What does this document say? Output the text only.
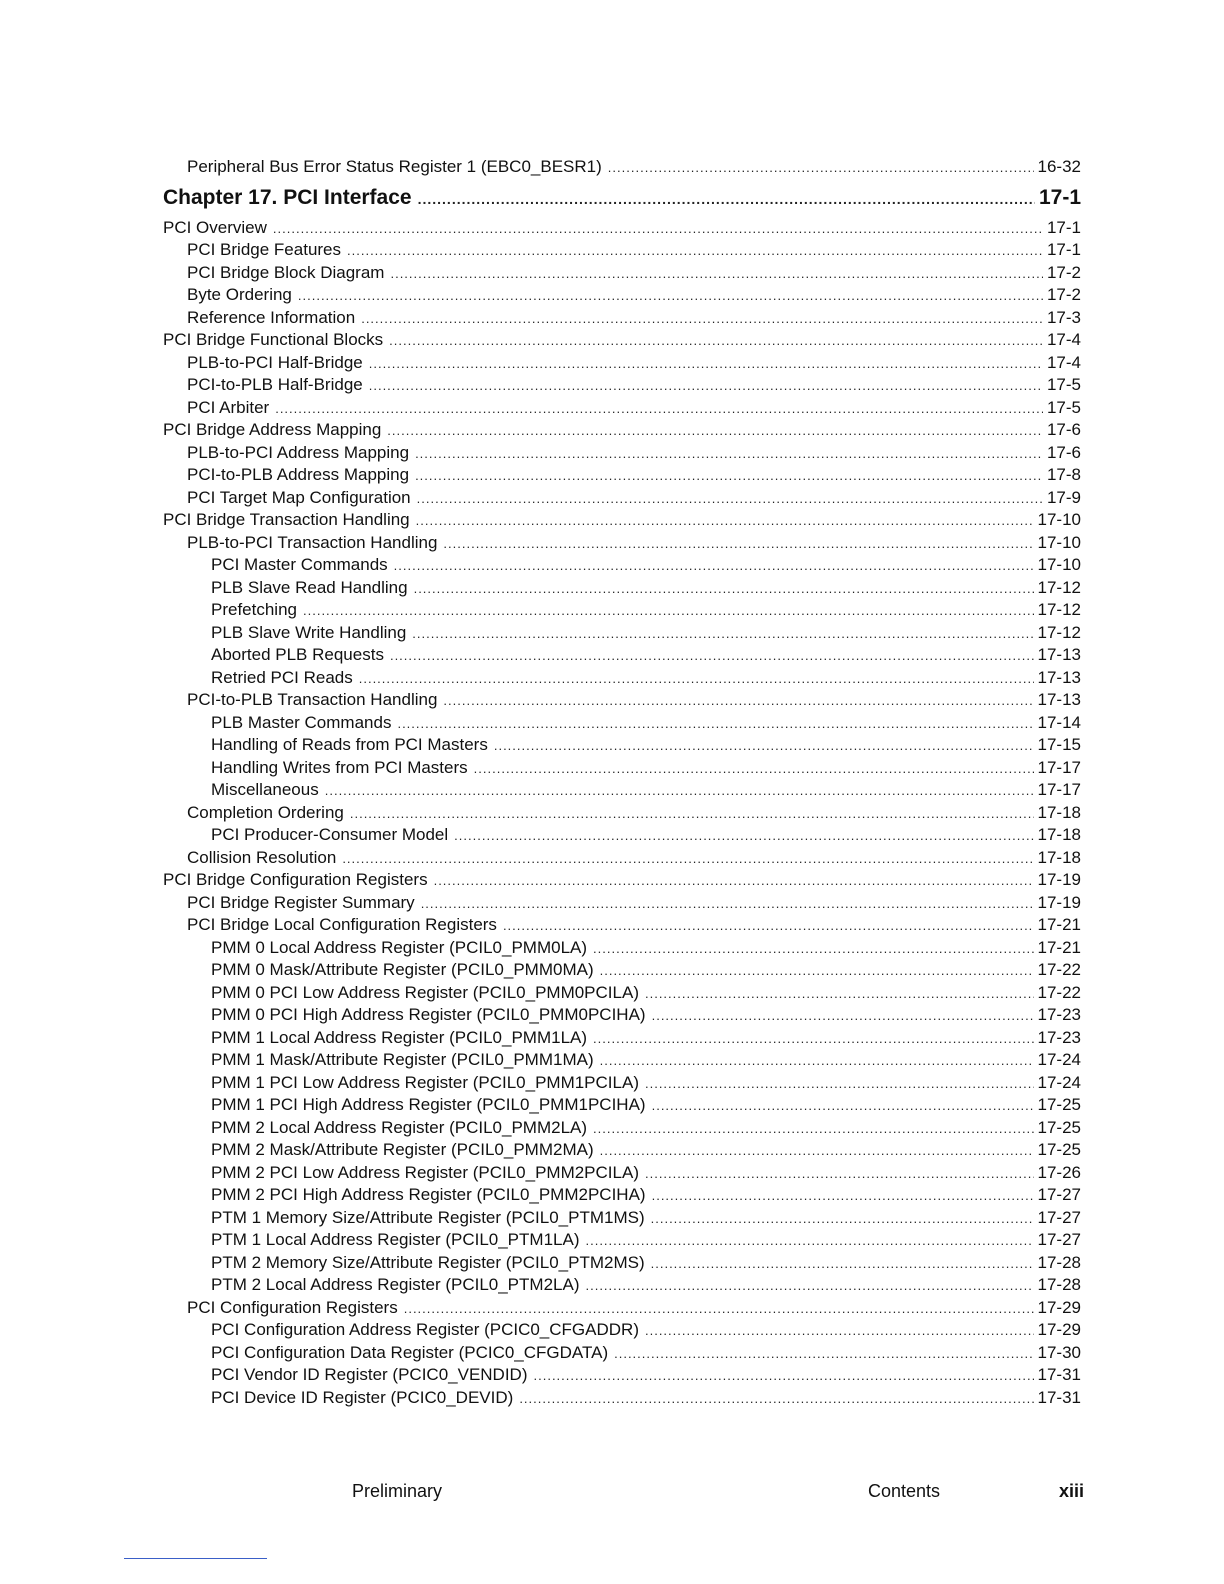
Peripheral Bus Error Status Register 1 (EBC0_BESR1) .....	16-32
Chapter 17. PCI Interface .....	17-1
PCI Overview .....	17-1
PCI Bridge Features .....	17-1
PCI Bridge Block Diagram .....	17-2
Byte Ordering .....	17-2
Reference Information .....	17-3
PCI Bridge Functional Blocks .....	17-4
PLB-to-PCI Half-Bridge .....	17-4
PCI-to-PLB Half-Bridge .....	17-5
PCI Arbiter .....	17-5
PCI Bridge Address Mapping .....	17-6
PLB-to-PCI Address Mapping .....	17-6
PCI-to-PLB Address Mapping .....	17-8
PCI Target Map Configuration .....	17-9
PCI Bridge Transaction Handling .....	17-10
PLB-to-PCI Transaction Handling .....	17-10
PCI Master Commands .....	17-10
PLB Slave Read Handling .....	17-12
Prefetching .....	17-12
PLB Slave Write Handling .....	17-12
Aborted PLB Requests .....	17-13
Retried PCI Reads .....	17-13
PCI-to-PLB Transaction Handling .....	17-13
PLB Master Commands .....	17-14
Handling of Reads from PCI Masters .....	17-15
Handling Writes from PCI Masters .....	17-17
Miscellaneous .....	17-17
Completion Ordering .....	17-18
PCI Producer-Consumer Model .....	17-18
Collision Resolution .....	17-18
PCI Bridge Configuration Registers .....	17-19
PCI Bridge Register Summary .....	17-19
PCI Bridge Local Configuration Registers .....	17-21
PMM 0 Local Address Register (PCIL0_PMM0LA) .....	17-21
PMM 0 Mask/Attribute Register (PCIL0_PMM0MA) .....	17-22
PMM 0 PCI Low Address Register (PCIL0_PMM0PCILA) .....	17-22
PMM 0 PCI High Address Register (PCIL0_PMM0PCIHA) .....	17-23
PMM 1 Local Address Register (PCIL0_PMM1LA) .....	17-23
PMM 1 Mask/Attribute Register (PCIL0_PMM1MA) .....	17-24
PMM 1 PCI Low Address Register (PCIL0_PMM1PCILA) .....	17-24
PMM 1 PCI High Address Register (PCIL0_PMM1PCIHA) .....	17-25
PMM 2 Local Address Register (PCIL0_PMM2LA) .....	17-25
PMM 2 Mask/Attribute Register (PCIL0_PMM2MA) .....	17-25
PMM 2 PCI Low Address Register (PCIL0_PMM2PCILA) .....	17-26
PMM 2 PCI High Address Register (PCIL0_PMM2PCIHA) .....	17-27
PTM 1 Memory Size/Attribute Register (PCIL0_PTM1MS) .....	17-27
PTM 1 Local Address Register (PCIL0_PTM1LA) .....	17-27
PTM 2 Memory Size/Attribute Register (PCIL0_PTM2MS) .....	17-28
PTM 2 Local Address Register (PCIL0_PTM2LA) .....	17-28
PCI Configuration Registers .....	17-29
PCI Configuration Address Register (PCIC0_CFGADDR) .....	17-29
PCI Configuration Data Register (PCIC0_CFGDATA) .....	17-30
PCI Vendor ID Register (PCIC0_VENDID) .....	17-31
PCI Device ID Register (PCIC0_DEVID) .....	17-31
Preliminary	Contents	xiii
